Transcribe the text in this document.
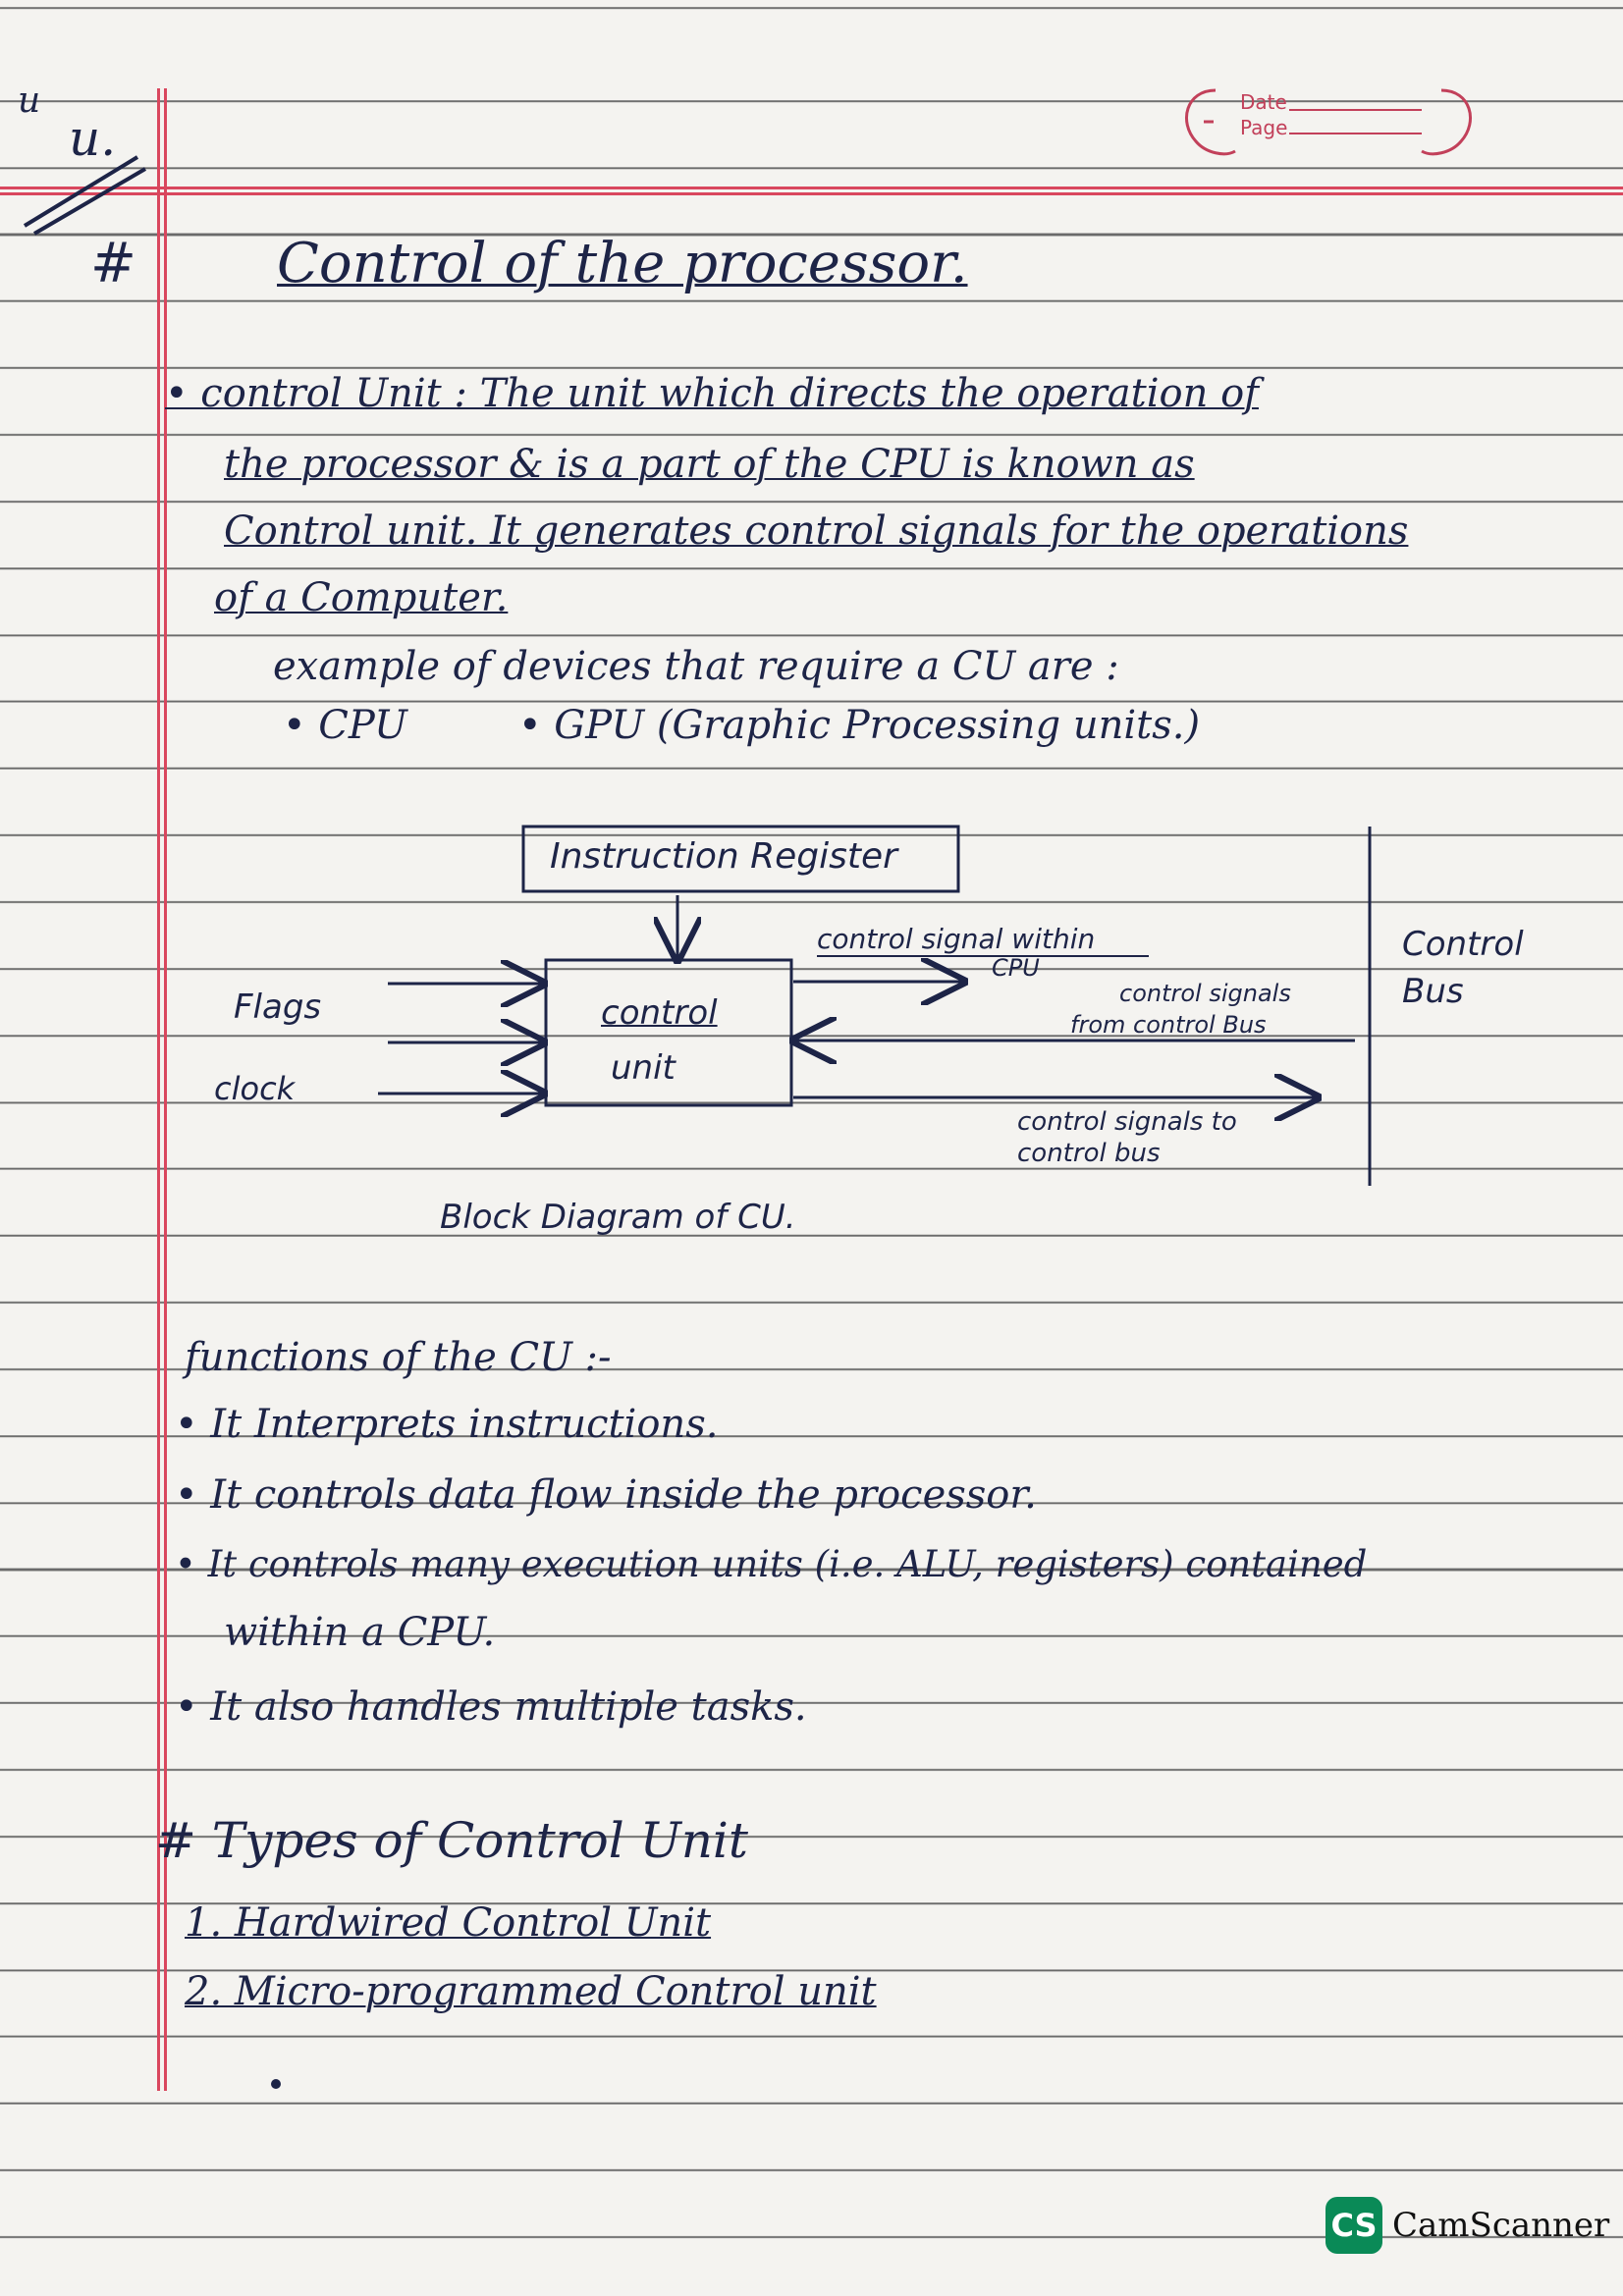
u
u.
Date
Page
#	Control of the processor.
• control Unit : The unit which directs the operation of
the processor & is a part of the CPU is known as
Control unit. It generates control signals for the operations
of a Computer.
example of devices that require a CU are :
• CPU	• GPU (Graphic Processing units.)
Instruction Register
Flags
clock
control
unit
control signal within
CPU
control signals
from control Bus
control signals to
control bus
Control
Bus
Block Diagram of CU.
functions of the CU :-
• It Interprets instructions.
• It controls data flow inside the processor.
• It controls many execution units (i.e. ALU, registers) contained
within a CPU.
• It also handles multiple tasks.
# Types of Control Unit
1. Hardwired Control Unit
2. Micro-programmed Control unit
CS CamScanner
